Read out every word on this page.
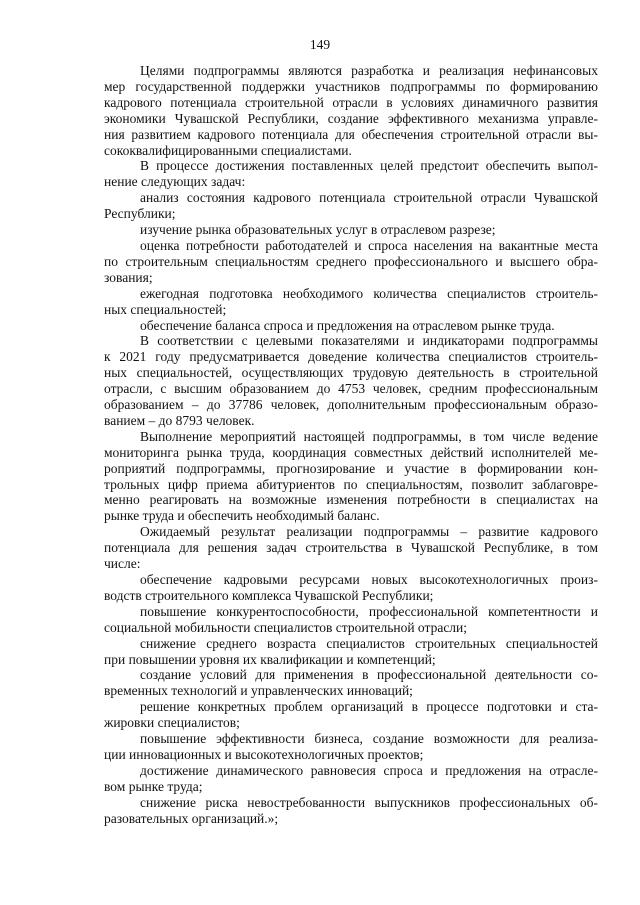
149
Целями подпрограммы являются разработка и реализация нефинансовых
мер государственной поддержки участников подпрограммы по формированию
кадрового потенциала строительной отрасли в условиях динамичного развития
экономики Чувашской Республики, создание эффективного механизма управле-
ния развитием кадрового потенциала для обеспечения строительной отрасли вы-
сококвалифицированными специалистами.
В процессе достижения поставленных целей предстоит обеспечить выпол-
нение следующих задач:
анализ состояния кадрового потенциала строительной отрасли Чувашской
Республики;
изучение рынка образовательных услуг в отраслевом разрезе;
оценка потребности работодателей и спроса населения на вакантные места
по строительным специальностям среднего профессионального и высшего обра-
зования;
ежегодная подготовка необходимого количества специалистов строитель-
ных специальностей;
обеспечение баланса спроса и предложения на отраслевом рынке труда.
В соответствии с целевыми показателями и индикаторами подпрограммы
к 2021 году предусматривается доведение количества специалистов строитель-
ных специальностей, осуществляющих трудовую деятельность в строительной
отрасли, с высшим образованием до 4753 человек, средним профессиональным
образованием – до 37786 человек, дополнительным профессиональным образо-
ванием – до 8793 человек.
Выполнение мероприятий настоящей подпрограммы, в том числе ведение
мониторинга рынка труда, координация совместных действий исполнителей ме-
роприятий подпрограммы, прогнозирование и участие в формировании кон-
трольных цифр приема абитуриентов по специальностям, позволит заблаговре-
менно реагировать на возможные изменения потребности в специалистах на
рынке труда и обеспечить необходимый баланс.
Ожидаемый результат реализации подпрограммы – развитие кадрового
потенциала для решения задач строительства в Чувашской Республике, в том
числе:
обеспечение кадровыми ресурсами новых высокотехнологичных произ-
водств строительного комплекса Чувашской Республики;
повышение конкурентоспособности, профессиональной компетентности и
социальной мобильности специалистов строительной отрасли;
снижение среднего возраста специалистов строительных специальностей
при повышении уровня их квалификации и компетенций;
создание условий для применения в профессиональной деятельности со-
временных технологий и управленческих инноваций;
решение конкретных проблем организаций в процессе подготовки и ста-
жировки специалистов;
повышение эффективности бизнеса, создание возможности для реализа-
ции инновационных и высокотехнологичных проектов;
достижение динамического равновесия спроса и предложения на отрасле-
вом рынке труда;
снижение риска невостребованности выпускников профессиональных об-
разовательных организаций.»;
